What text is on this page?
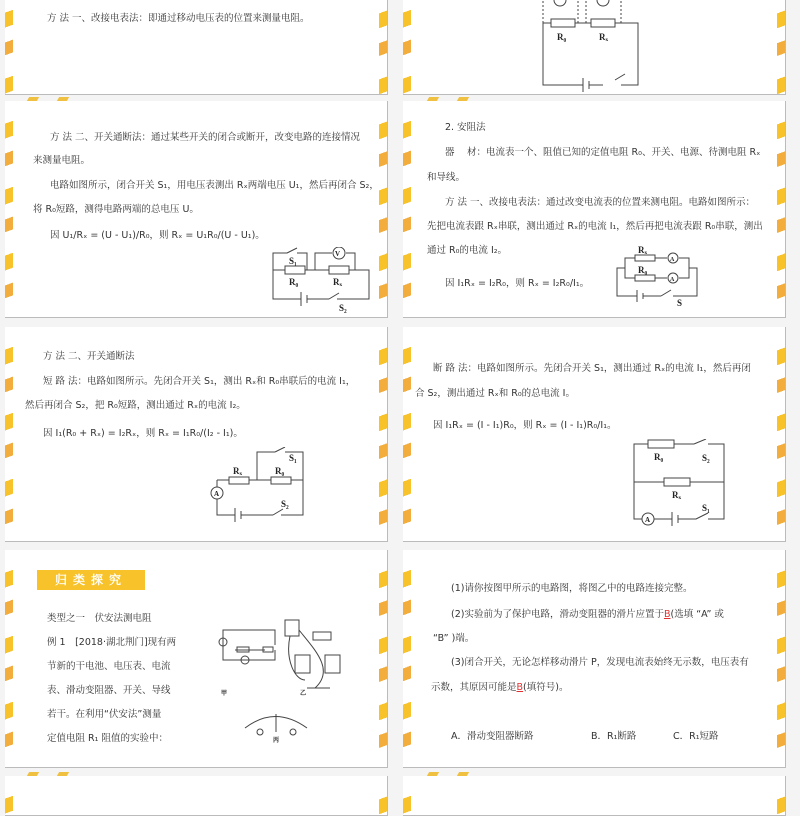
方 法 一、改接电表法：即通过移动电压表的位置来测量电阻。
R₀	Rₓ
方 法 二、开关通断法：通过某些开关的闭合或断开，改变电路的连接情况
来测量电阻。
电路如图所示，闭合开关 S₁，用电压表测出 Rₓ两端电压 U₁，然后再闭合 S₂，
将 R₀短路，测得电路两端的总电压 U。
因 U₁/Rₓ = (U - U₁)/R₀，则 Rₓ = U₁R₀/(U - U₁)。
V
S₁
R₀	Rₓ
S₂
2. 安阻法
器　 材：电流表一个、阻值已知的定值电阻 R₀、开关、电源、待测电阻 Rₓ
和导线。
方 法 一、改接电表法：通过改变电流表的位置来测电阻。电路如图所示：
先把电流表跟 Rₓ串联，测出通过 Rₓ的电流 I₁，然后再把电流表跟 R₀串联，测出
通过 R₀的电流 I₂。
因 I₁Rₓ = I₂R₀，则 Rₓ = I₂R₀/I₁。
Rₓ
R₀
A
A
S
方 法 二、开关通断法
短 路 法：电路如图所示。先闭合开关 S₁，测出 Rₓ和 R₀串联后的电流 I₁，
然后再闭合 S₂，把 R₀短路，测出通过 Rₓ的电流 I₂。
因 I₁(R₀ + Rₓ) = I₂Rₓ，则 Rₓ = I₁R₀/(I₂ - I₁)。
A
Rₓ	R₀
S₁
S₂
断 路 法：电路如图所示。先闭合开关 S₁，测出通过 Rₓ的电流 I₁，然后再闭
合 S₂，测出通过 Rₓ和 R₀的总电流 I。
因 I₁Rₓ = (I - I₁)R₀，则 Rₓ = (I - I₁)R₀/I₁。
A
R₀
Rₓ
S₂
S₁
归类探究
类型之一　伏安法测电阻
例 1　[2018·湖北荆门]现有两
节新的干电池、电压表、电流
表、滑动变阻器、开关、导线
若干。在利用“伏安法”测量
定值电阻 R₁ 阻值的实验中：
甲	乙
丙
(1)请你按图甲所示的电路图，将图乙中的电路连接完整。
(2)实验前为了保护电路，滑动变阻器的滑片应置于B(选填 “A” 或
“B” )端。
(3)闭合开关，无论怎样移动滑片 P，发现电流表始终无示数，电压表有
示数，其原因可能是B(填符号)。
A．滑动变阻器断路	B．R₁断路	C．R₁短路
